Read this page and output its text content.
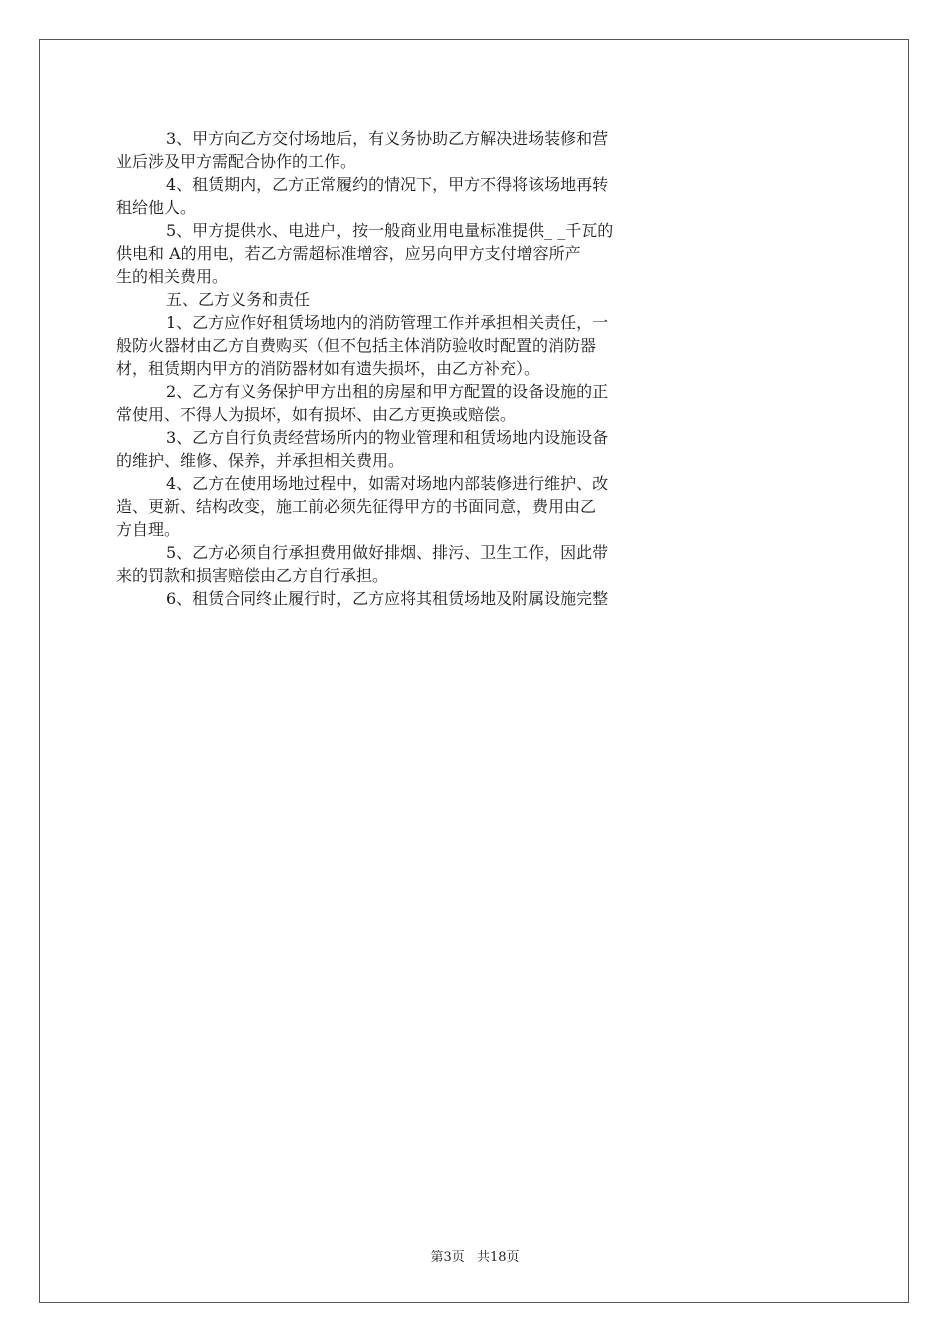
3、甲方向乙方交付场地后，有义务协助乙方解决进场装修和营
业后涉及甲方需配合协作的工作。
4、租赁期内，乙方正常履约的情况下，甲方不得将该场地再转
租给他人。
5、甲方提供水、电进户，按一般商业用电量标准提供_ _千瓦的
供电和 A的用电，若乙方需超标准增容，应另向甲方支付增容所产
生的相关费用。
五、乙方义务和责任
1、乙方应作好租赁场地内的消防管理工作并承担相关责任，一
般防火器材由乙方自费购买（但不包括主体消防验收时配置的消防器
材，租赁期内甲方的消防器材如有遗失损坏，由乙方补充）。
2、乙方有义务保护甲方出租的房屋和甲方配置的设备设施的正
常使用、不得人为损坏，如有损坏、由乙方更换或赔偿。
3、乙方自行负责经营场所内的物业管理和租赁场地内设施设备
的维护、维修、保养，并承担相关费用。
4、乙方在使用场地过程中，如需对场地内部装修进行维护、改
造、更新、结构改变，施工前必须先征得甲方的书面同意，费用由乙
方自理。
5、乙方必须自行承担费用做好排烟、排污、卫生工作，因此带
来的罚款和损害赔偿由乙方自行承担。
6、租赁合同终止履行时，乙方应将其租赁场地及附属设施完整
第3页 共18页
